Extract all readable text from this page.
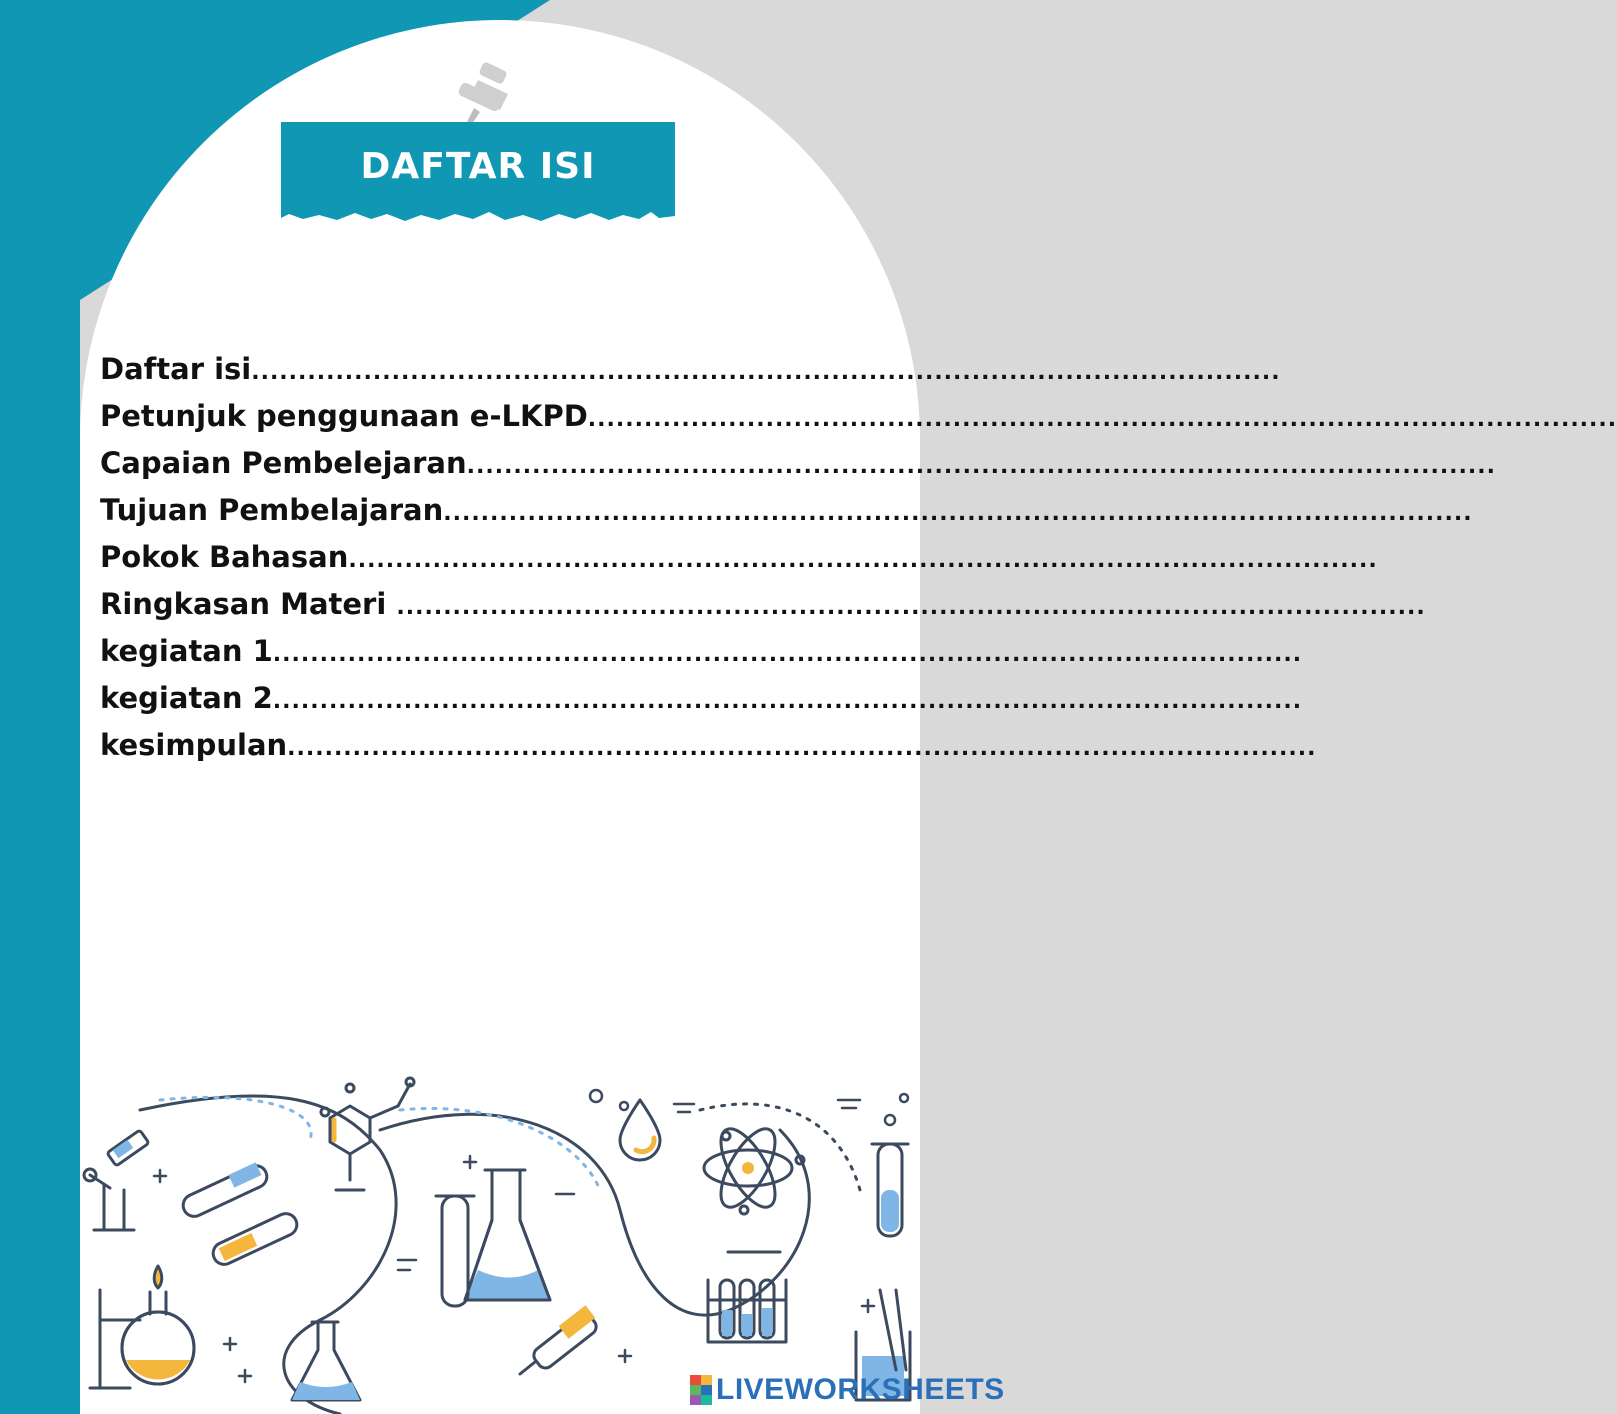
DAFTAR ISI
Daftar isi ..............................................................................................................
Petunjuk penggunaan e-LKPD ..............................................................................................................
Capaian Pembelejaran ..............................................................................................................
Tujuan Pembelajaran ..............................................................................................................
Pokok Bahasan ..............................................................................................................
Ringkasan Materi ..............................................................................................................
kegiatan 1 ..............................................................................................................
kegiatan 2 ..............................................................................................................
kesimpulan ..............................................................................................................
LIVEWORKSHEETS
